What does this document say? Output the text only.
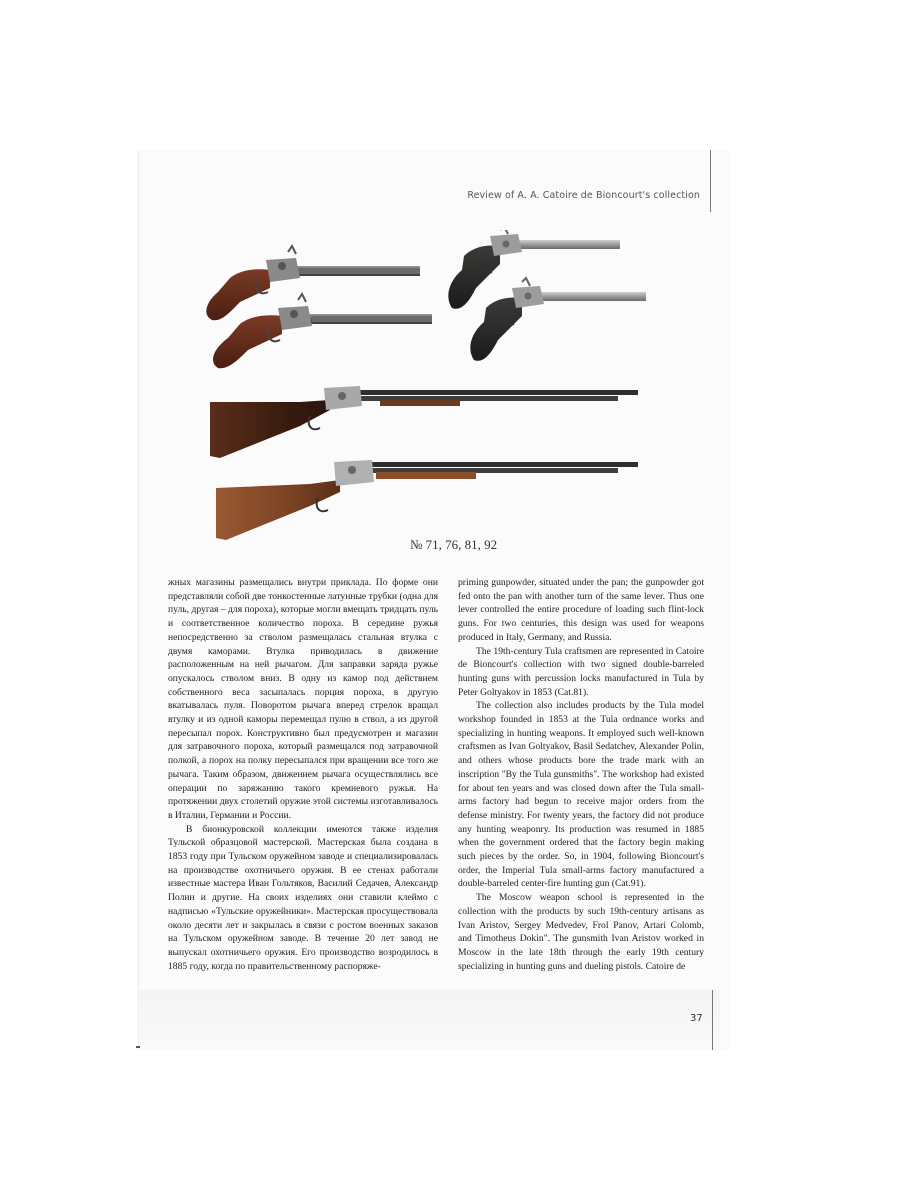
Review of A. A. Catoire de Bioncourt's collection
№ 71, 76, 81, 92

жных магазины размещались внутри приклада. По форме они представляли собой две тонкостенные латунные трубки (одна для пуль, другая – для пороха), которые могли вмещать тридцать пуль и соответственное количество пороха. В середине ружья непосредственно за стволом размещалась стальная втулка с двумя каморами. Втулка приводилась в движение расположенным на ней рычагом. Для заправки заряда ружье опускалось стволом вниз. В одну из камор под действием собственного веса засыпалась порция пороха, в другую вкатывалась пуля. Поворотом рычага вперед стрелок вращал втулку и из одной каморы перемещал пулю в ствол, а из другой пересыпал порох. Конструктивно был предусмотрен и магазин для затравочного пороха, который размещался под затравочной полкой, а порох на полку пересыпался при вращении все того же рычага. Таким образом, движением рычага осуществлялись все операции по заряжанию такого кремневого ружья. На протяжении двух столетий оружие этой системы изготавливалось в Италии, Германии и России.

В бионкуровской коллекции имеются также изделия Тульской образцовой мастерской. Мастерская была создана в 1853 году при Тульском оружейном заводе и специализировалась на производстве охотничьего оружия. В ее стенах работали известные мастера Иван Гольтяков, Василий Седачев, Александр Полин и другие. На своих изделиях они ставили клеймо с надписью «Тульские оружейники». Мастерская просуществовала около десяти лет и закрылась в связи с ростом военных заказов на Тульском оружейном заводе. В течение 20 лет завод не выпускал охотничьего оружия. Его производство возродилось в 1885 году, когда по правительственному распоряже-

priming gunpowder, situated under the pan; the gunpowder got fed onto the pan with another turn of the same lever. Thus one lever controlled the entire procedure of loading such flint-lock guns. For two centuries, this design was used for weapons produced in Italy, Germany, and Russia.

The 19th-century Tula craftsmen are represented in Catoire de Bioncourt's collection with two signed double-barreled hunting guns with percussion locks manufactured in Tula by Peter Goltyakov in 1853 (Cat.81).

The collection also includes products by the Tula model workshop founded in 1853 at the Tula ordnance works and specializing in hunting weapons. It employed such well-known craftsmen as Ivan Goltyakov, Basil Sedatchev, Alexander Polin, and others whose products bore the trade mark with an inscription "By the Tula gunsmiths". The workshop had existed for about ten years and was closed down after the Tula small-arms factory had begun to receive major orders from the defense ministry. For twenty years, the factory did not produce any hunting weaponry. Its production was resumed in 1885 when the government ordered that the factory begin making such pieces by the order. So, in 1904, following Bioncourt's order, the Imperial Tula small-arms factory manufactured a double-barreled center-fire hunting gun (Cat.91).

The Moscow weapon school is represented in the collection with the products by such 19th-century artisans as Ivan Aristov, Sergey Medvedev, Frol Panov, Artari Colomb, and Timotheus Dokin". The gunsmith Ivan Aristov worked in Moscow in the late 18th through the early 19th century specializing in hunting guns and dueling pistols. Catoire de

37
